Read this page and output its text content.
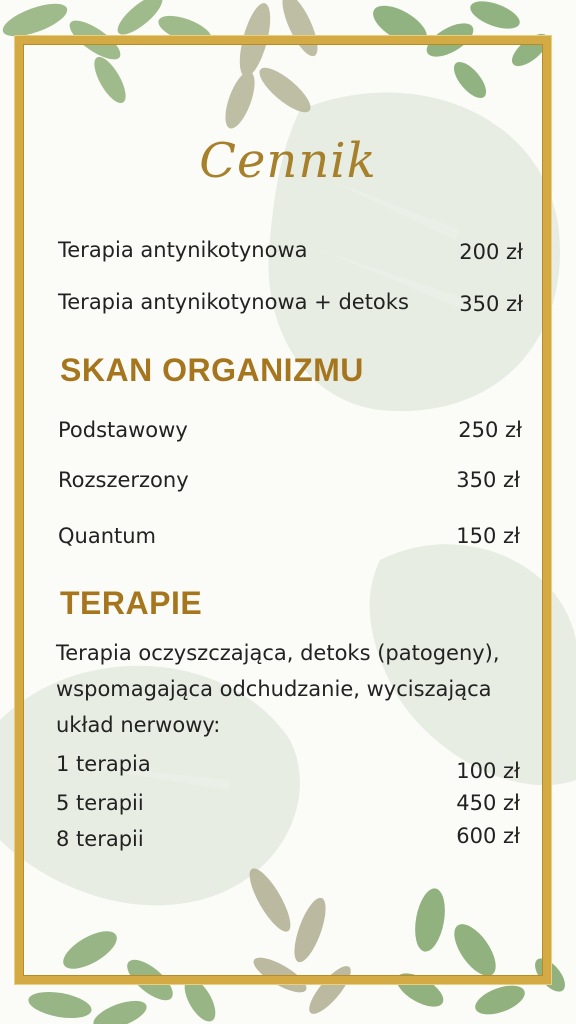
Cennik
Terapia antynikotynowa	200 zł
Terapia antynikotynowa + detoks	350 zł
SKAN ORGANIZMU
Podstawowy	250 zł
Rozszerzony	350 zł
Quantum	150 zł
TERAPIE
Terapia oczyszczająca, detoks (patogeny), wspomagająca odchudzanie, wyciszająca układ nerwowy:
1 terapia	100 zł
5 terapii	450 zł
8 terapii	600 zł
